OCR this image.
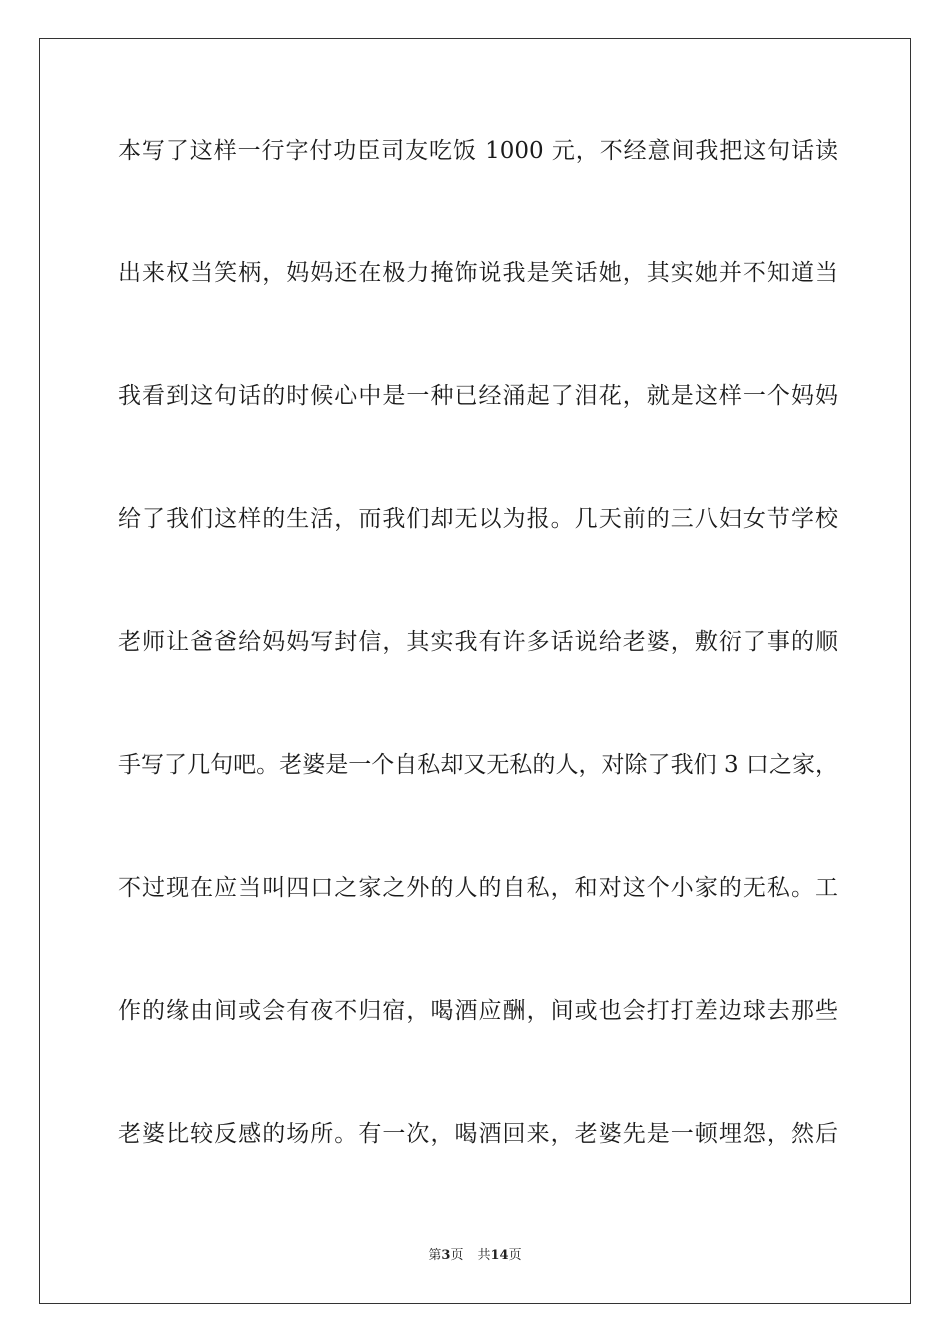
本写了这样一行字付功臣司友吃饭 1000 元，不经意间我把这句话读
出来权当笑柄，妈妈还在极力掩饰说我是笑话她，其实她并不知道当
我看到这句话的时候心中是一种已经涌起了泪花，就是这样一个妈妈
给了我们这样的生活，而我们却无以为报。几天前的三八妇女节学校
老师让爸爸给妈妈写封信，其实我有许多话说给老婆，敷衍了事的顺
手写了几句吧。老婆是一个自私却又无私的人，对除了我们 3 口之家，
不过现在应当叫四口之家之外的人的自私，和对这个小家的无私。工
作的缘由间或会有夜不归宿，喝酒应酬，间或也会打打差边球去那些
老婆比较反感的场所。有一次，喝酒回来，老婆先是一顿埋怨，然后
第3页 共14页
